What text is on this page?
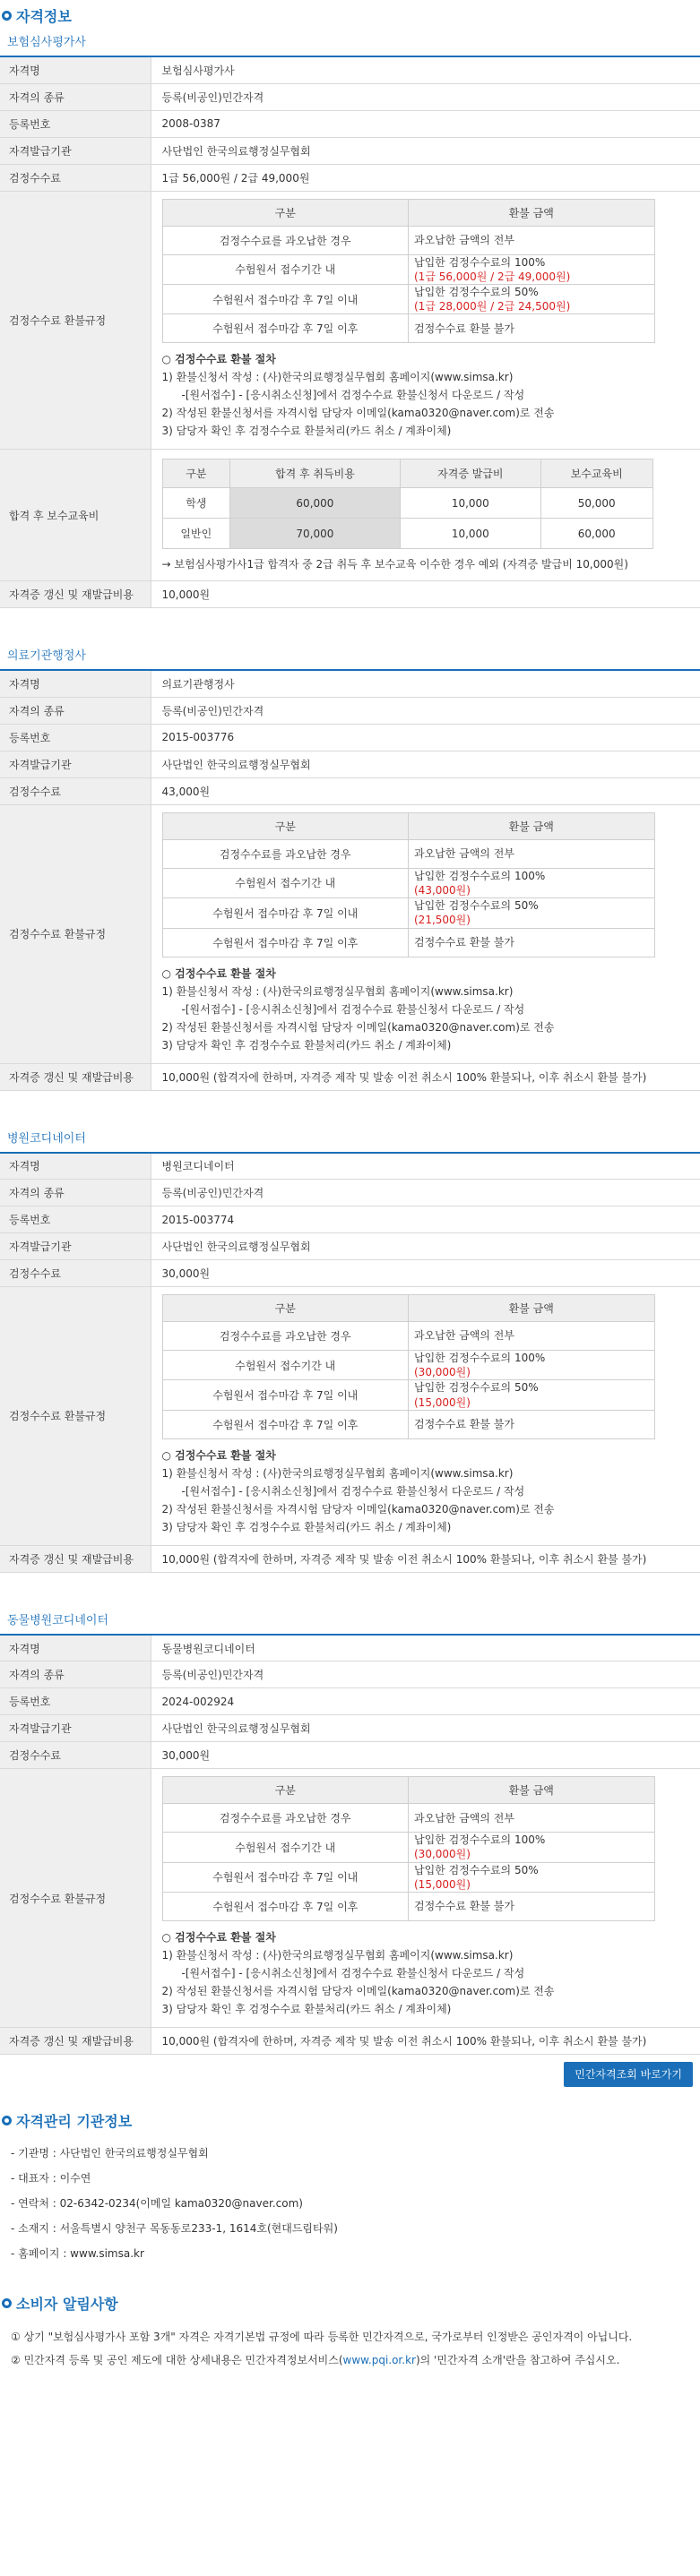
자격정보
보험심사평가사
자격명	보험심사평가사
자격의 종류	등록(비공인)민간자격
등록번호	2008-0387
자격발급기관	사단법인 한국의료행정실무협회
검정수수료	1급 56,000원 / 2급 49,000원
검정수수료 환불규정	
구분	환불 금액
검정수수료를 과오납한 경우	과오납한 금액의 전부
수험원서 접수기간 내	납입한 검정수수료의 100%
(1급 56,000원 / 2급 49,000원)
수험원서 접수마감 후 7일 이내	납입한 검정수수료의 50%
(1급 28,000원 / 2급 24,500원)
수험원서 접수마감 후 7일 이후	검정수수료 환불 불가
○ 검정수수료 환불 절차
1) 환불신청서 작성 : (사)한국의료행정실무협회 홈페이지(www.simsa.kr)
-[원서접수] - [응시취소신청]에서 검정수수료 환불신청서 다운로드 / 작성
2) 작성된 환불신청서를 자격시험 담당자 이메일(kama0320@naver.com)로 전송
3) 담당자 확인 후 검정수수료 환불처리(카드 취소 / 계좌이체)

합격 후 보수교육비	
구분	합격 후 취득비용	자격증 발급비	보수교육비
학생	60,000	10,000	50,000
일반인	70,000	10,000	60,000
→ 보험심사평가사1급 합격자 중 2급 취득 후 보수교육 이수한 경우 예외 (자격증 발급비 10,000원)

자격증 갱신 및 재발급비용	10,000원
의료기관행정사
자격명	의료기관행정사
자격의 종류	등록(비공인)민간자격
등록번호	2015-003776
자격발급기관	사단법인 한국의료행정실무협회
검정수수료	43,000원
검정수수료 환불규정	
구분	환불 금액
검정수수료를 과오납한 경우	과오납한 금액의 전부
수험원서 접수기간 내	납입한 검정수수료의 100%
(43,000원)
수험원서 접수마감 후 7일 이내	납입한 검정수수료의 50%
(21,500원)
수험원서 접수마감 후 7일 이후	검정수수료 환불 불가
○ 검정수수료 환불 절차
1) 환불신청서 작성 : (사)한국의료행정실무협회 홈페이지(www.simsa.kr)
-[원서접수] - [응시취소신청]에서 검정수수료 환불신청서 다운로드 / 작성
2) 작성된 환불신청서를 자격시험 담당자 이메일(kama0320@naver.com)로 전송
3) 담당자 확인 후 검정수수료 환불처리(카드 취소 / 계좌이체)

자격증 갱신 및 재발급비용	10,000원 (합격자에 한하며, 자격증 제작 및 발송 이전 취소시 100% 환불되나, 이후 취소시 환불 불가)
병원코디네이터
자격명	병원코디네이터
자격의 종류	등록(비공인)민간자격
등록번호	2015-003774
자격발급기관	사단법인 한국의료행정실무협회
검정수수료	30,000원
검정수수료 환불규정	
구분	환불 금액
검정수수료를 과오납한 경우	과오납한 금액의 전부
수험원서 접수기간 내	납입한 검정수수료의 100%
(30,000원)
수험원서 접수마감 후 7일 이내	납입한 검정수수료의 50%
(15,000원)
수험원서 접수마감 후 7일 이후	검정수수료 환불 불가
○ 검정수수료 환불 절차
1) 환불신청서 작성 : (사)한국의료행정실무협회 홈페이지(www.simsa.kr)
-[원서접수] - [응시취소신청]에서 검정수수료 환불신청서 다운로드 / 작성
2) 작성된 환불신청서를 자격시험 담당자 이메일(kama0320@naver.com)로 전송
3) 담당자 확인 후 검정수수료 환불처리(카드 취소 / 계좌이체)

자격증 갱신 및 재발급비용	10,000원 (합격자에 한하며, 자격증 제작 및 발송 이전 취소시 100% 환불되나, 이후 취소시 환불 불가)
동물병원코디네이터
자격명	동물병원코디네이터
자격의 종류	등록(비공인)민간자격
등록번호	2024-002924
자격발급기관	사단법인 한국의료행정실무협회
검정수수료	30,000원
검정수수료 환불규정	
구분	환불 금액
검정수수료를 과오납한 경우	과오납한 금액의 전부
수험원서 접수기간 내	납입한 검정수수료의 100%
(30,000원)
수험원서 접수마감 후 7일 이내	납입한 검정수수료의 50%
(15,000원)
수험원서 접수마감 후 7일 이후	검정수수료 환불 불가
○ 검정수수료 환불 절차
1) 환불신청서 작성 : (사)한국의료행정실무협회 홈페이지(www.simsa.kr)
-[원서접수] - [응시취소신청]에서 검정수수료 환불신청서 다운로드 / 작성
2) 작성된 환불신청서를 자격시험 담당자 이메일(kama0320@naver.com)로 전송
3) 담당자 확인 후 검정수수료 환불처리(카드 취소 / 계좌이체)

자격증 갱신 및 재발급비용	10,000원 (합격자에 한하며, 자격증 제작 및 발송 이전 취소시 100% 환불되나, 이후 취소시 환불 불가)
민간자격조회 바로가기
자격관리 기관정보
- 기관명 : 사단법인 한국의료행정실무협회
- 대표자 : 이수연
- 연락처 : 02-6342-0234(이메일 kama0320@naver.com)
- 소재지 : 서울특별시 양천구 목동동로233-1, 1614호(현대드림타워)
- 홈페이지 : www.simsa.kr
소비자 알림사항

① 상기 "보험심사평가사 포함 3개" 자격은 자격기본법 규정에 따라 등록한 민간자격으로, 국가로부터 인정받은 공인자격이 아닙니다.

② 민간자격 등록 및 공인 제도에 대한 상세내용은 민간자격정보서비스(www.pqi.or.kr)의 '민간자격 소개'란을 참고하여 주십시오.
